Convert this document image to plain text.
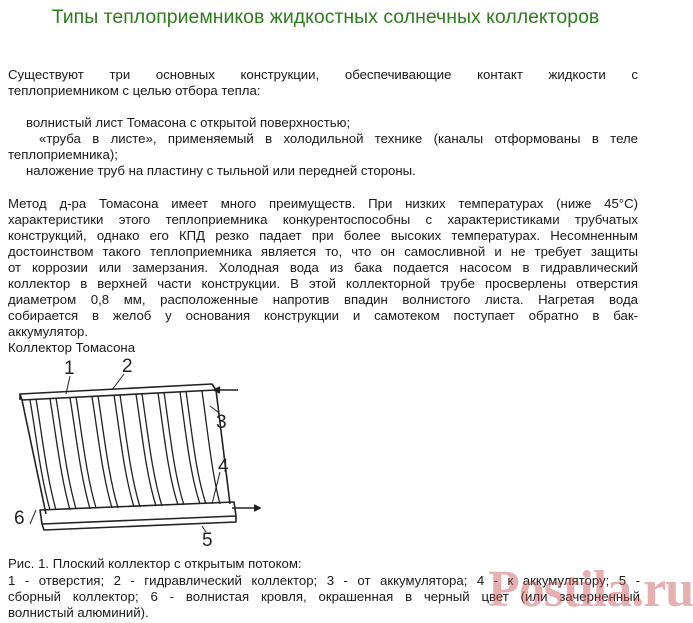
Типы теплоприемников жидкостных солнечных коллекторов
Существуют три основных конструкции, обеспечивающие контакт жидкости с
теплоприемником с целью отбора тепла:
волнистый лист Томасона с открытой поверхностью;
«труба в листе», применяемый в холодильной технике (каналы отформованы в теле
теплоприемника);
наложение труб на пластину с тыльной или передней стороны.
Метод д-ра Томасона имеет много преимуществ. При низких температурах (ниже 45°С)
характеристики этого теплоприемника конкурентоспособны с характеристиками трубчатых
конструкций, однако его КПД резко падает при более высоких температурах. Несомненным
достоинством такого теплоприемника является то, что он самосливной и не требует защиты
от коррозии или замерзания. Холодная вода из бака подается насосом в гидравлический
коллектор в верхней части конструкции. В этой коллекторной трубе просверлены отверстия
диаметром 0,8 мм, расположенные напротив впадин волнистого листа. Нагретая вода
собирается в желоб у основания конструкции и самотеком поступает обратно в бак-
аккумулятор.
Коллектор Томасона
1 2
3
4
5
6
Рис. 1. Плоский коллектор с открытым потоком:
1 - отверстия; 2 - гидравлический коллектор; 3 - от аккумулятора; 4 - к аккумулятору; 5 -
сборный коллектор; 6 - волнистая кровля, окрашенная в черный цвет (или зачерненный
волнистый алюминий).	Postila.ru
